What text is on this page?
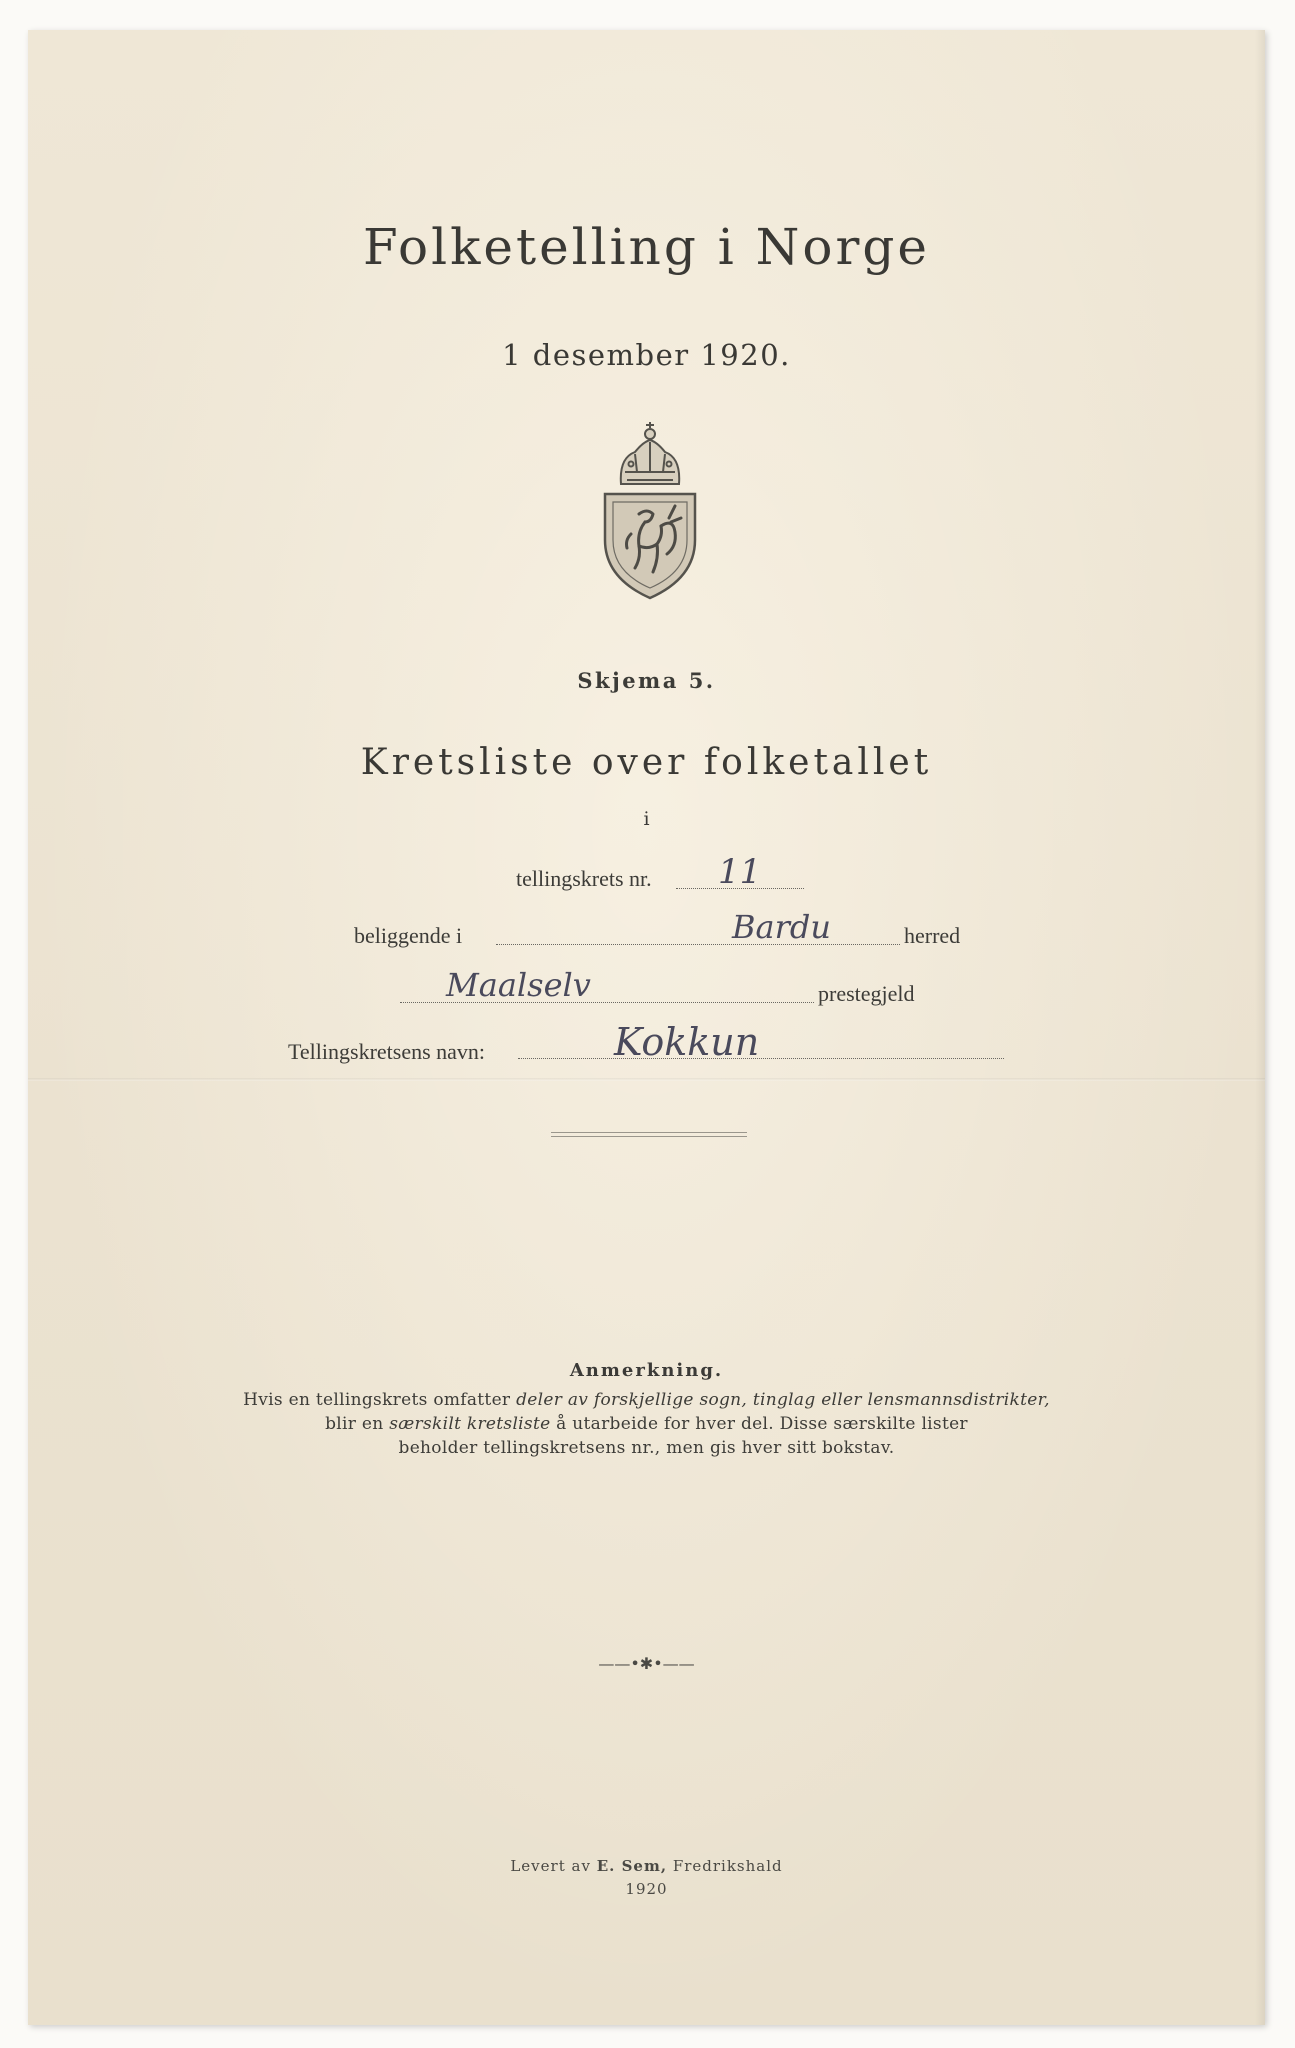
Folketelling i Norge
1 desember 1920.
Skjema 5.
Kretsliste over folketallet
i
tellingskrets nr. 11
beliggende i	Bardu	herred
Maalselv	prestegjeld
Tellingskretsens navn:	Kokkun
Anmerkning.
Hvis en tellingskrets omfatter deler av forskjellige sogn, tinglag eller lensmannsdistrikter,
blir en særskilt kretsliste å utarbeide for hver del. Disse særskilte lister
beholder tellingskretsens nr., men gis hver sitt bokstav.
——•✱•——
Levert av E. Sem, Fredrikshald
1920
